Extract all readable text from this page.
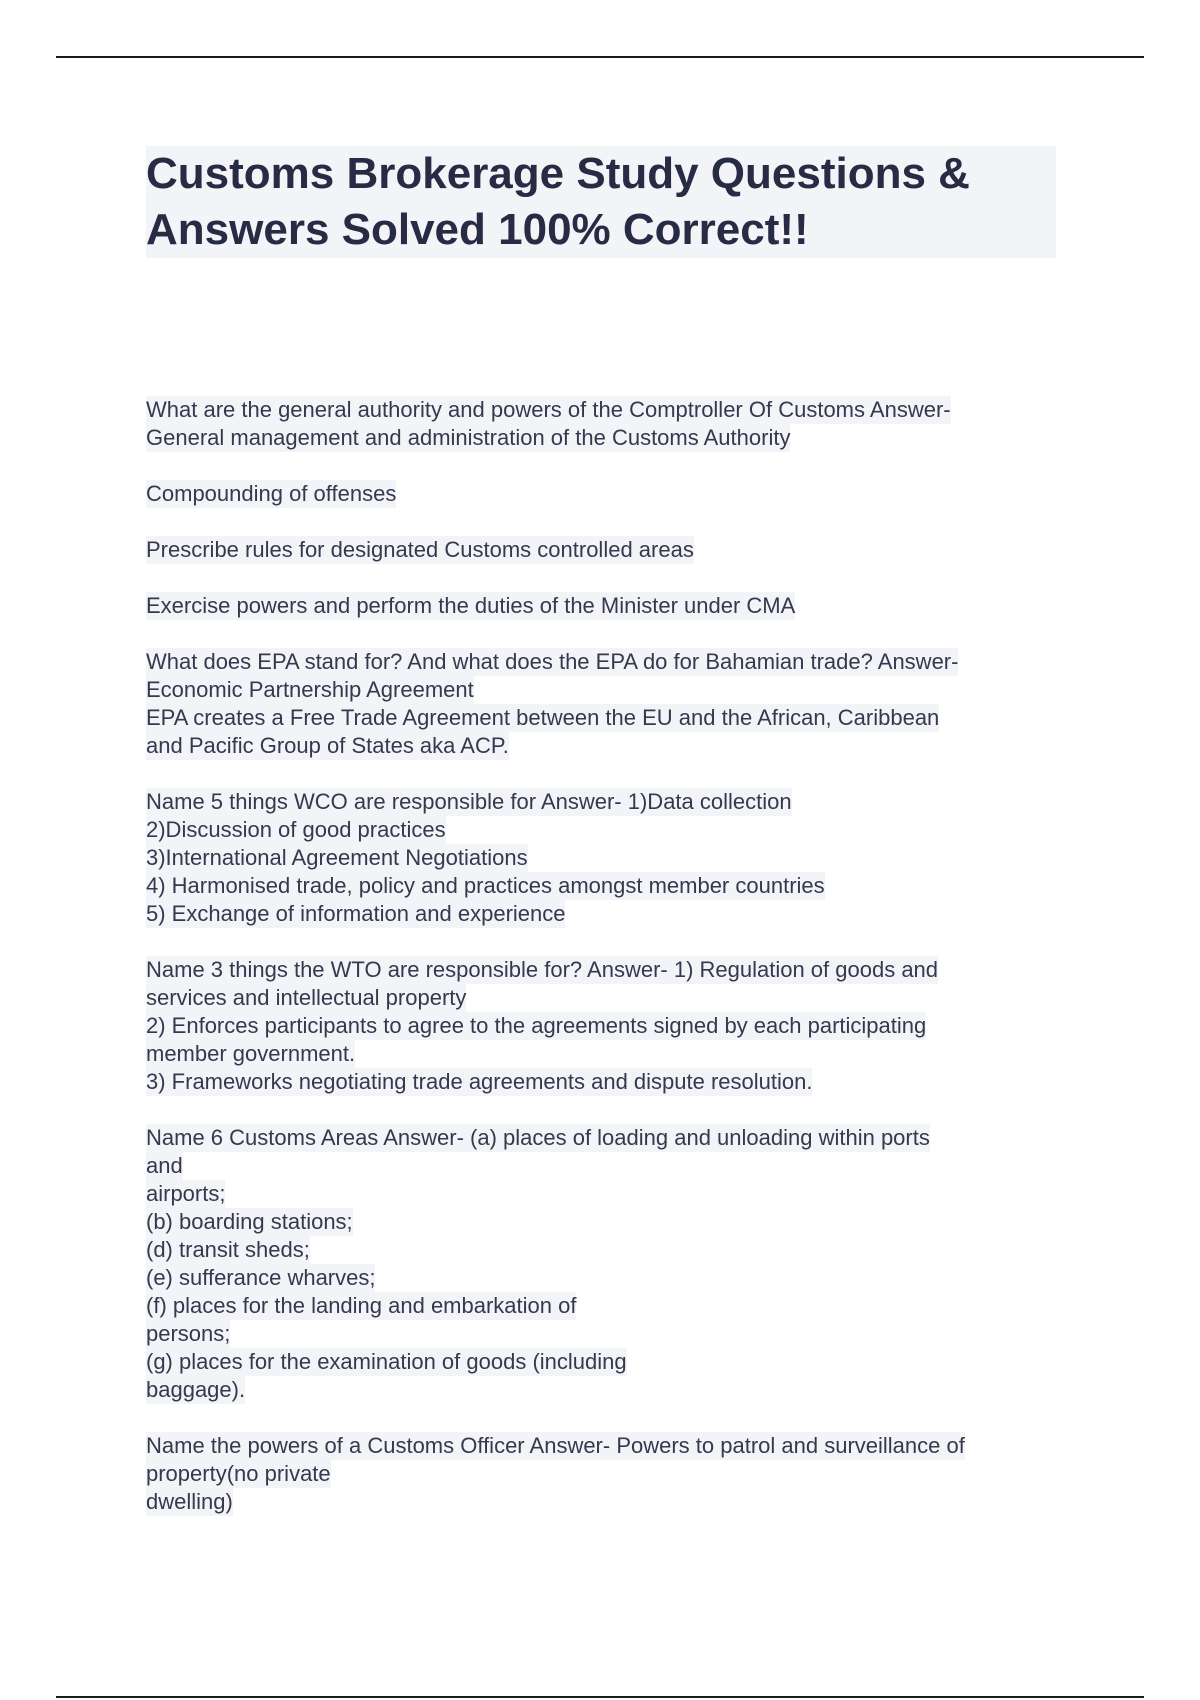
Customs Brokerage Study Questions &
Answers Solved 100% Correct!!
What are the general authority and powers of the Comptroller Of Customs Answer-
General management and administration of the Customs Authority
Compounding of offenses
Prescribe rules for designated Customs controlled areas
Exercise powers and perform the duties of the Minister under CMA
What does EPA stand for? And what does the EPA do for Bahamian trade? Answer-
Economic Partnership Agreement
EPA creates a Free Trade Agreement between the EU and the African, Caribbean
and Pacific Group of States aka ACP.
Name 5 things WCO are responsible for Answer- 1)Data collection
2)Discussion of good practices
3)International Agreement Negotiations
4) Harmonised trade, policy and practices amongst member countries
5) Exchange of information and experience
Name 3 things the WTO are responsible for? Answer- 1) Regulation of goods and
services and intellectual property
2) Enforces participants to agree to the agreements signed by each participating
member government.
3) Frameworks negotiating trade agreements and dispute resolution.
Name 6 Customs Areas Answer- (a) places of loading and unloading within ports
and
airports;
(b) boarding stations;
(d) transit sheds;
(e) sufferance wharves;
(f) places for the landing and embarkation of
persons;
(g) places for the examination of goods (including
baggage).
Name the powers of a Customs Officer Answer- Powers to patrol and surveillance of
property(no private
dwelling)
